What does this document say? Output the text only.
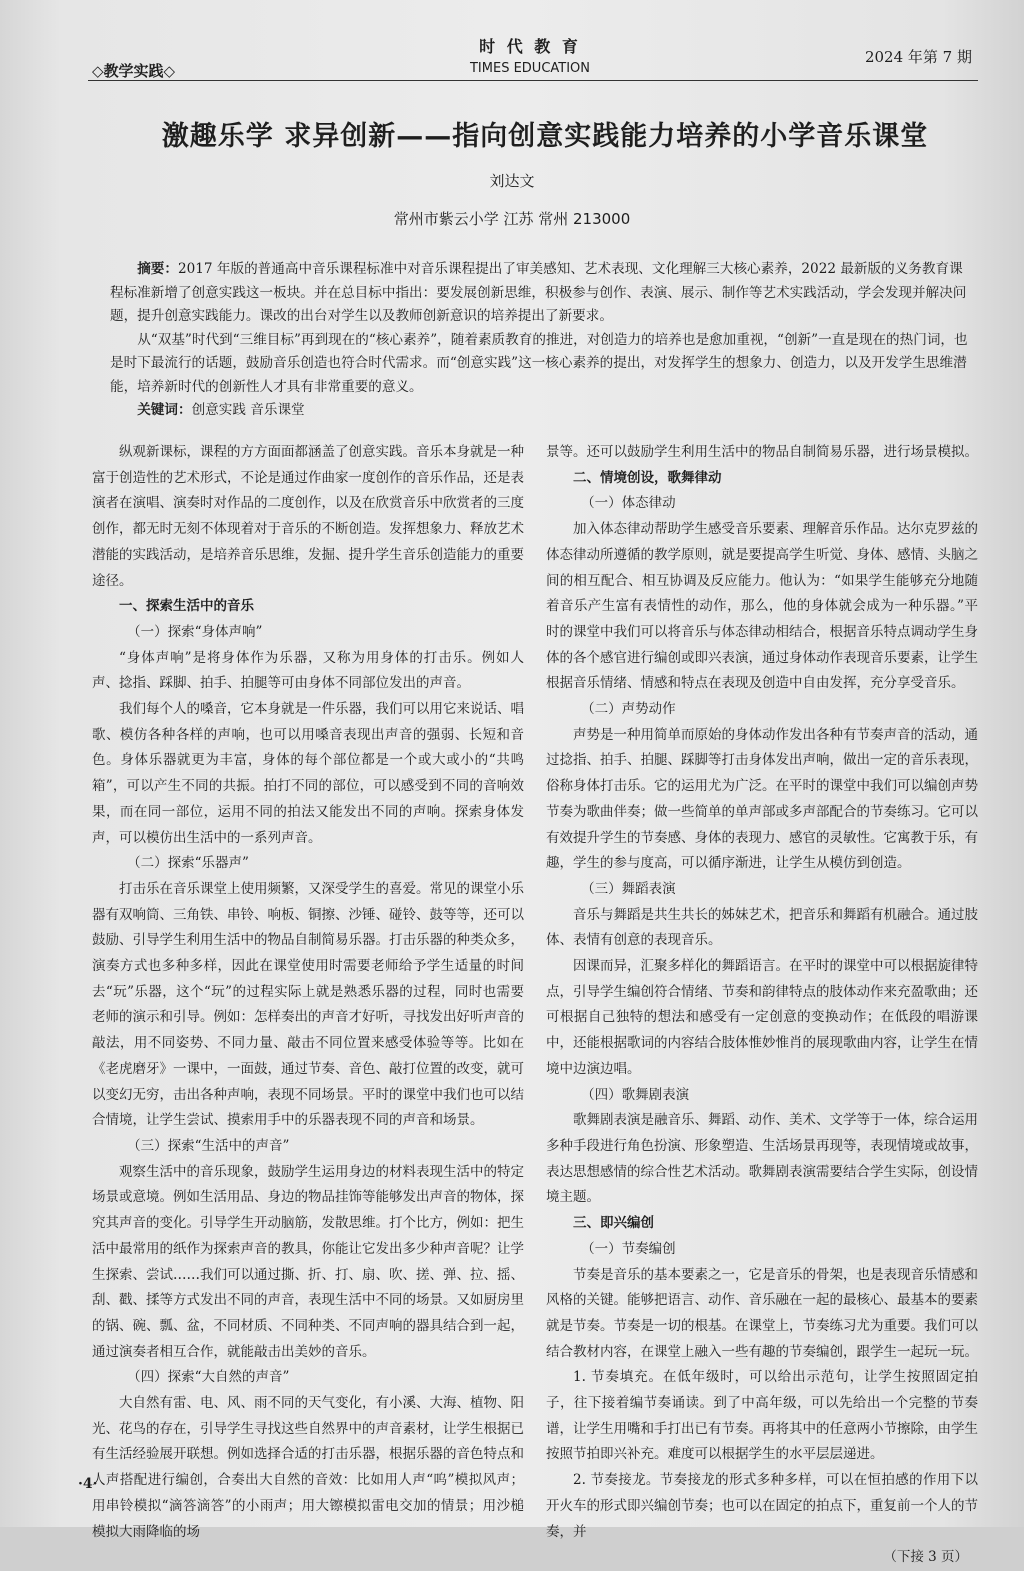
◇教学实践◇
时 代 教 育
TIMES EDUCATION
2024 年第 7 期
激趣乐学 求异创新——指向创意实践能力培养的小学音乐课堂
刘达文
常州市紫云小学 江苏 常州 213000

摘要：2017 年版的普通高中音乐课程标准中对音乐课程提出了审美感知、艺术表现、文化理解三大核心素养，2022 最新版的义务教育课程标准新增了创意实践这一板块。并在总目标中指出：要发展创新思维，积极参与创作、表演、展示、制作等艺术实践活动，学会发现并解决问题，提升创意实践能力。课改的出台对学生以及教师创新意识的培养提出了新要求。

从“双基”时代到“三维目标”再到现在的“核心素养”，随着素质教育的推进，对创造力的培养也是愈加重视，“创新”一直是现在的热门词，也是时下最流行的话题，鼓励音乐创造也符合时代需求。而“创意实践”这一核心素养的提出，对发挥学生的想象力、创造力，以及开发学生思维潜能，培养新时代的创新性人才具有非常重要的意义。

关键词：创意实践 音乐课堂

纵观新课标，课程的方方面面都涵盖了创意实践。音乐本身就是一种富于创造性的艺术形式，不论是通过作曲家一度创作的音乐作品，还是表演者在演唱、演奏时对作品的二度创作，以及在欣赏音乐中欣赏者的三度创作，都无时无刻不体现着对于音乐的不断创造。发挥想象力、释放艺术潜能的实践活动，是培养音乐思维，发掘、提升学生音乐创造能力的重要途径。

一、探索生活中的音乐

（一）探索“身体声响”

“身体声响”是将身体作为乐器，又称为用身体的打击乐。例如人声、捻指、踩脚、拍手、拍腿等可由身体不同部位发出的声音。

我们每个人的嗓音，它本身就是一件乐器，我们可以用它来说话、唱歌、模仿各种各样的声响，也可以用嗓音表现出声音的强弱、长短和音色。身体乐器就更为丰富，身体的每个部位都是一个或大或小的“共鸣箱”，可以产生不同的共振。拍打不同的部位，可以感受到不同的音响效果，而在同一部位，运用不同的拍法又能发出不同的声响。探索身体发声，可以模仿出生活中的一系列声音。

（二）探索“乐器声”

打击乐在音乐课堂上使用频繁，又深受学生的喜爱。常见的课堂小乐器有双响筒、三角铁、串铃、响板、铜擦、沙锤、碰铃、鼓等等，还可以鼓励、引导学生利用生活中的物品自制简易乐器。打击乐器的种类众多，演奏方式也多种多样，因此在课堂使用时需要老师给予学生适量的时间去“玩”乐器，这个“玩”的过程实际上就是熟悉乐器的过程，同时也需要老师的演示和引导。例如：怎样奏出的声音才好听，寻找发出好听声音的敲法，用不同姿势、不同力量、敲击不同位置来感受体验等等。比如在《老虎磨牙》一课中，一面鼓，通过节奏、音色、敲打位置的改变，就可以变幻无穷，击出各种声响，表现不同场景。平时的课堂中我们也可以结合情境，让学生尝试、摸索用手中的乐器表现不同的声音和场景。

（三）探索“生活中的声音”

观察生活中的音乐现象，鼓励学生运用身边的材料表现生活中的特定场景或意境。例如生活用品、身边的物品挂饰等能够发出声音的物体，探究其声音的变化。引导学生开动脑筋，发散思维。打个比方，例如：把生活中最常用的纸作为探索声音的教具，你能让它发出多少种声音呢？让学生探索、尝试……我们可以通过撕、折、打、扇、吹、搓、弹、拉、摇、刮、戳、揉等方式发出不同的声音，表现生活中不同的场景。又如厨房里的锅、碗、瓢、盆，不同材质、不同种类、不同声响的器具结合到一起，通过演奏者相互合作，就能敲击出美妙的音乐。

（四）探索“大自然的声音”

大自然有雷、电、风、雨不同的天气变化，有小溪、大海、植物、阳光、花鸟的存在，引导学生寻找这些自然界中的声音素材，让学生根据已有生活经验展开联想。例如选择合适的打击乐器，根据乐器的音色特点和人声搭配进行编创，合奏出大自然的音效：比如用人声“呜”模拟风声；用串铃模拟“滴答滴答”的小雨声；用大镲模拟雷电交加的情景；用沙槌模拟大雨降临的场

景等。还可以鼓励学生利用生活中的物品自制简易乐器，进行场景模拟。

二、情境创设，歌舞律动

（一）体态律动

加入体态律动帮助学生感受音乐要素、理解音乐作品。达尔克罗兹的体态律动所遵循的教学原则，就是要提高学生听觉、身体、感情、头脑之间的相互配合、相互协调及反应能力。他认为：“如果学生能够充分地随着音乐产生富有表情性的动作，那么，他的身体就会成为一种乐器。”平时的课堂中我们可以将音乐与体态律动相结合，根据音乐特点调动学生身体的各个感官进行编创或即兴表演，通过身体动作表现音乐要素，让学生根据音乐情绪、情感和特点在表现及创造中自由发挥，充分享受音乐。

（二）声势动作

声势是一种用简单而原始的身体动作发出各种有节奏声音的活动，通过捻指、拍手、拍腿、踩脚等打击身体发出声响，做出一定的音乐表现，俗称身体打击乐。它的运用尤为广泛。在平时的课堂中我们可以编创声势节奏为歌曲伴奏；做一些简单的单声部或多声部配合的节奏练习。它可以有效提升学生的节奏感、身体的表现力、感官的灵敏性。它寓教于乐，有趣，学生的参与度高，可以循序渐进，让学生从模仿到创造。

（三）舞蹈表演

音乐与舞蹈是共生共长的姊妹艺术，把音乐和舞蹈有机融合。通过肢体、表情有创意的表现音乐。

因课而异，汇聚多样化的舞蹈语言。在平时的课堂中可以根据旋律特点，引导学生编创符合情绪、节奏和韵律特点的肢体动作来充盈歌曲；还可根据自己独特的想法和感受有一定创意的变换动作；在低段的唱游课中，还能根据歌词的内容结合肢体惟妙惟肖的展现歌曲内容，让学生在情境中边演边唱。

（四）歌舞剧表演

歌舞剧表演是融音乐、舞蹈、动作、美术、文学等于一体，综合运用多种手段进行角色扮演、形象塑造、生活场景再现等，表现情境或故事，表达思想感情的综合性艺术活动。歌舞剧表演需要结合学生实际，创设情境主题。

三、即兴编创

（一）节奏编创

节奏是音乐的基本要素之一，它是音乐的骨架，也是表现音乐情感和风格的关键。能够把语言、动作、音乐融在一起的最核心、最基本的要素就是节奏。节奏是一切的根基。在课堂上，节奏练习尤为重要。我们可以结合教材内容，在课堂上融入一些有趣的节奏编创，跟学生一起玩一玩。

1. 节奏填充。在低年级时，可以给出示范句，让学生按照固定拍子，往下接着编节奏诵读。到了中高年级，可以先给出一个完整的节奏谱，让学生用嘴和手打出已有节奏。再将其中的任意两小节擦除，由学生按照节拍即兴补充。难度可以根据学生的水平层层递进。

2. 节奏接龙。节奏接龙的形式多种多样，可以在恒拍感的作用下以开火车的形式即兴编创节奏；也可以在固定的拍点下，重复前一个人的节奏，并

（下接 3 页）

·4·
